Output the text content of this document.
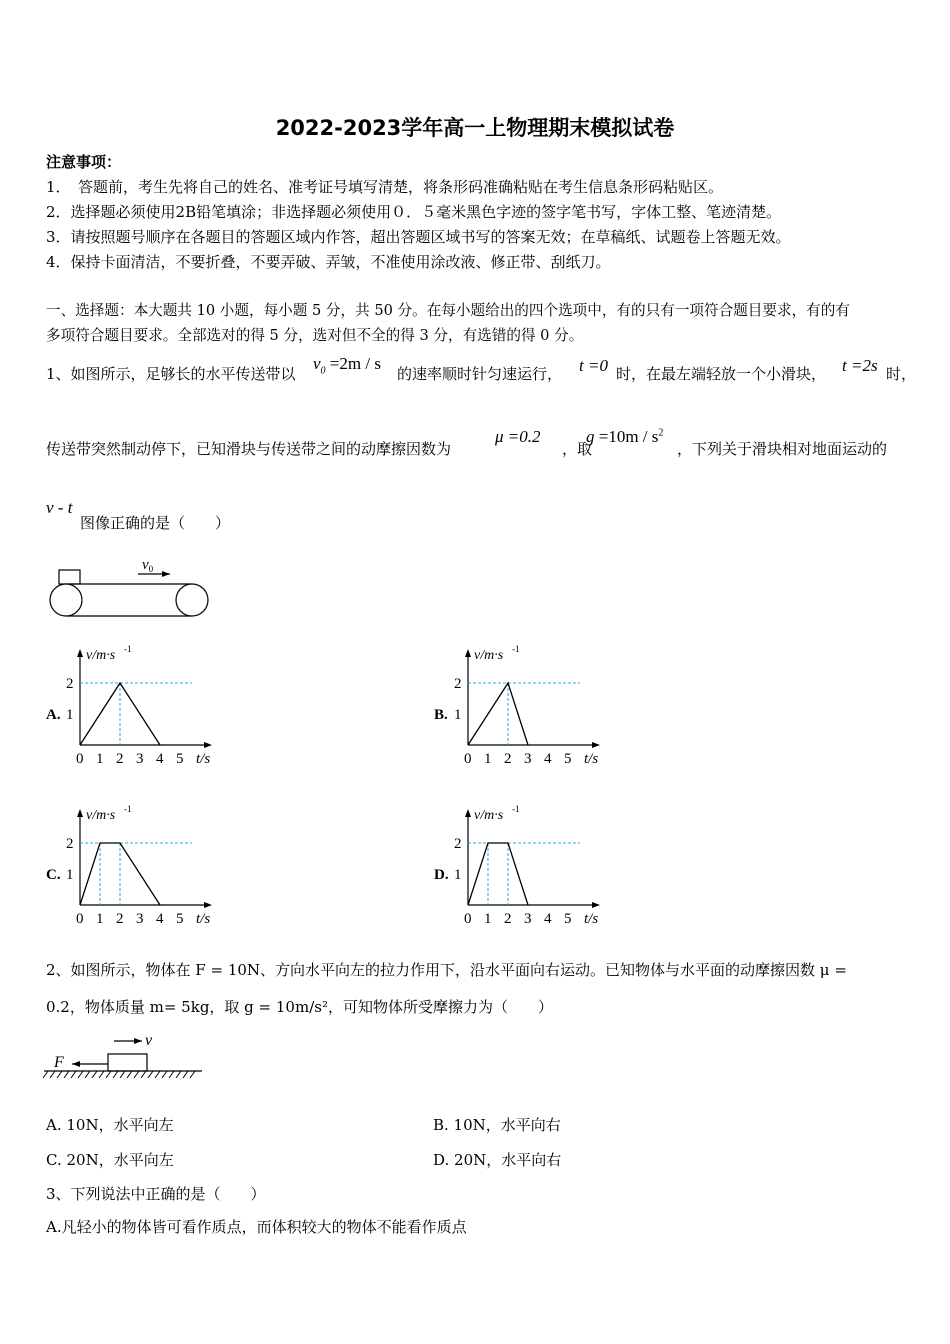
2022-2023学年高一上物理期末模拟试卷
注意事项：
1．　答题前，考生先将自己的姓名、准考证号填写清楚，将条形码准确粘贴在考生信息条形码粘贴区。
2．选择题必须使用2B铅笔填涂；非选择题必须使用０．５毫米黑色字迹的签字笔书写，字体工整、笔迹清楚。
3．请按照题号顺序在各题目的答题区域内作答，超出答题区域书写的答案无效；在草稿纸、试题卷上答题无效。
4．保持卡面清洁，不要折叠，不要弄破、弄皱，不准使用涂改液、修正带、刮纸刀。
一、选择题：本大题共 10 小题，每小题 5 分，共 50 分。在每小题给出的四个选项中，有的只有一项符合题目要求，有的有
多项符合题目要求。全部选对的得 5 分，选对但不全的得 3 分，有选错的得 0 分。
1、如图所示，足够长的水平传送带以
$v_0 =2m / s$
的速率顺时针匀速运行， t =0 时，在最左端轻放一个小滑块， t =2s 时，
传送带突然制动停下，已知滑块与传送带之间的动摩擦因数为
μ =0.2
，取
$g =10m / s^2$
，下列关于滑块相对地面运动的
v - t
图像正确的是（　　）
$v_0$
A.
v/m·s -1
0 1 2 3 4 5 t/s
1
2
B.
v/m·s -1
0 1 2 3 4 5 t/s
1
2
C.
v/m·s -1
0 1 2 3 4 5 t/s
1
2
D.
v/m·s -1
0 1 2 3 4 5 t/s
1
2
2、如图所示，物体在 F = 10N、方向水平向左的拉力作用下，沿水平面向右运动。已知物体与水平面的动摩擦因数 μ =
0.2，物体质量 m= 5kg，取 g = 10m/s²，可知物体所受摩擦力为（　　）
F
v
A. 10N，水平向左	B. 10N，水平向右
C. 20N，水平向左	D. 20N，水平向右
3、下列说法中正确的是（　　）
A.凡轻小的物体皆可看作质点，而体积较大的物体不能看作质点
